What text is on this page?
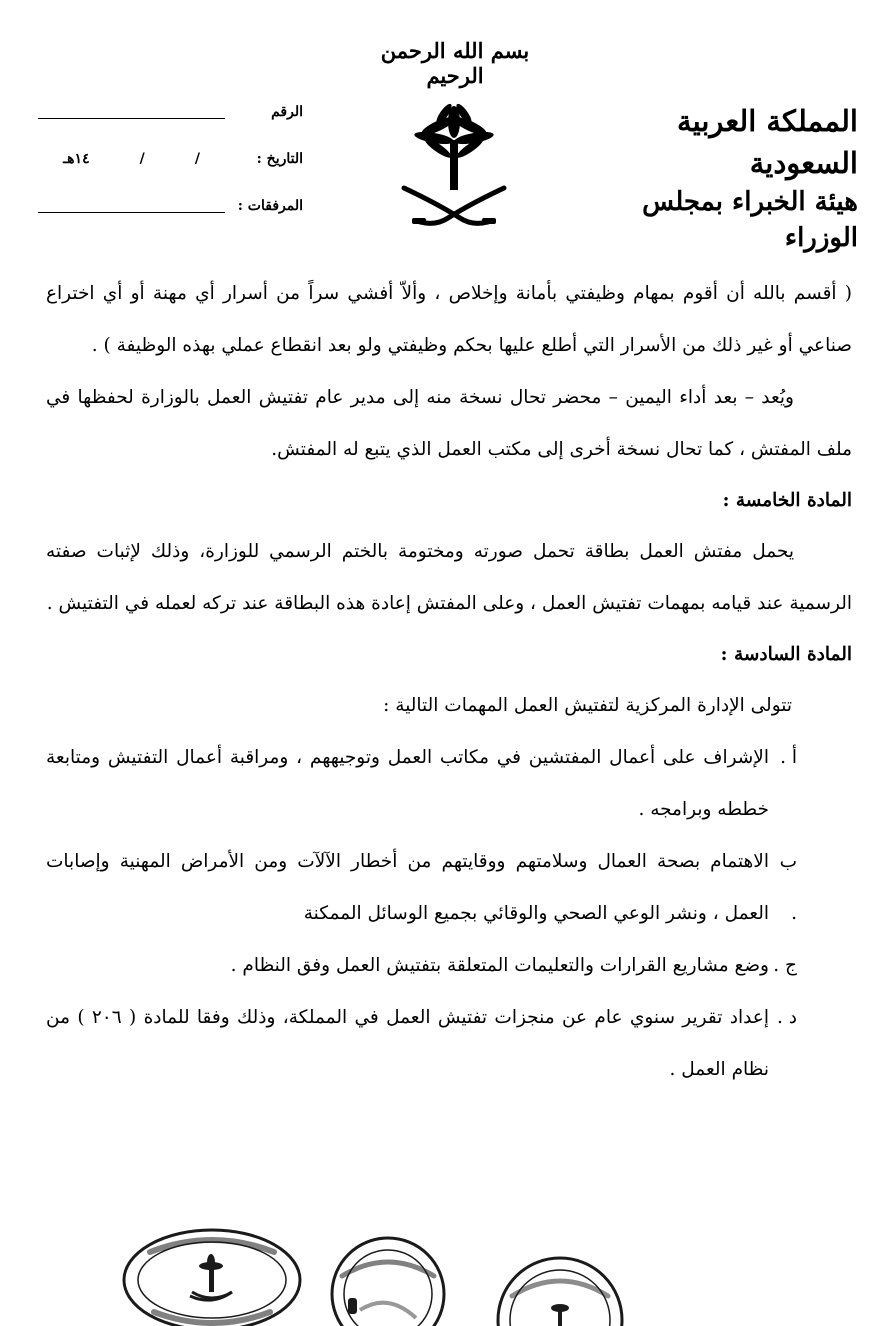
بسم الله الرحمن الرحيم
المملكة العربية السعودية
هيئة الخبراء بمجلس الوزراء
الرقم
التاريخ :
/
/
١٤هـ
المرفقات :

( أقسم بالله أن أقوم بمهام وظيفتي بأمانة وإخلاص ، وألاّ أفشي سراً من أسرار أي مهنة أو أي اختراع صناعي أو غير ذلك من الأسرار التي أطلع عليها بحكم وظيفتي ولو بعد انقطاع عملي بهذه الوظيفة ) .

ويُعد – بعد أداء اليمين – محضر تحال نسخة منه إلى مدير عام تفتيش العمل بالوزارة لحفظها في ملف المفتش ، كما تحال نسخة أخرى إلى مكتب العمل الذي يتبع له المفتش.

المادة الخامسة :

يحمل مفتش العمل بطاقة تحمل صورته ومختومة بالختم الرسمي للوزارة، وذلك لإثبات صفته الرسمية عند قيامه بمهمات تفتيش العمل ، وعلى المفتش إعادة هذه البطاقة عند تركه لعمله في التفتيش .

المادة السادسة :
تتولى الإدارة المركزية لتفتيش العمل المهمات التالية :
أ .
الإشراف على أعمال المفتشين في مكاتب العمل وتوجيههم ، ومراقبة أعمال التفتيش ومتابعة خططه وبرامجه .
ب .
الاهتمام بصحة العمال وسلامتهم ووقايتهم من أخطار الآلآت ومن الأمراض المهنية وإصابات العمل ، ونشر الوعي الصحي والوقائي بجميع الوسائل الممكنة
ج .
وضع مشاريع القرارات والتعليمات المتعلقة بتفتيش العمل وفق النظام .
د .
إعداد تقرير سنوي عام عن منجزات تفتيش العمل في المملكة، وذلك وفقا للمادة ( ٢٠٦ ) من نظام العمل .
